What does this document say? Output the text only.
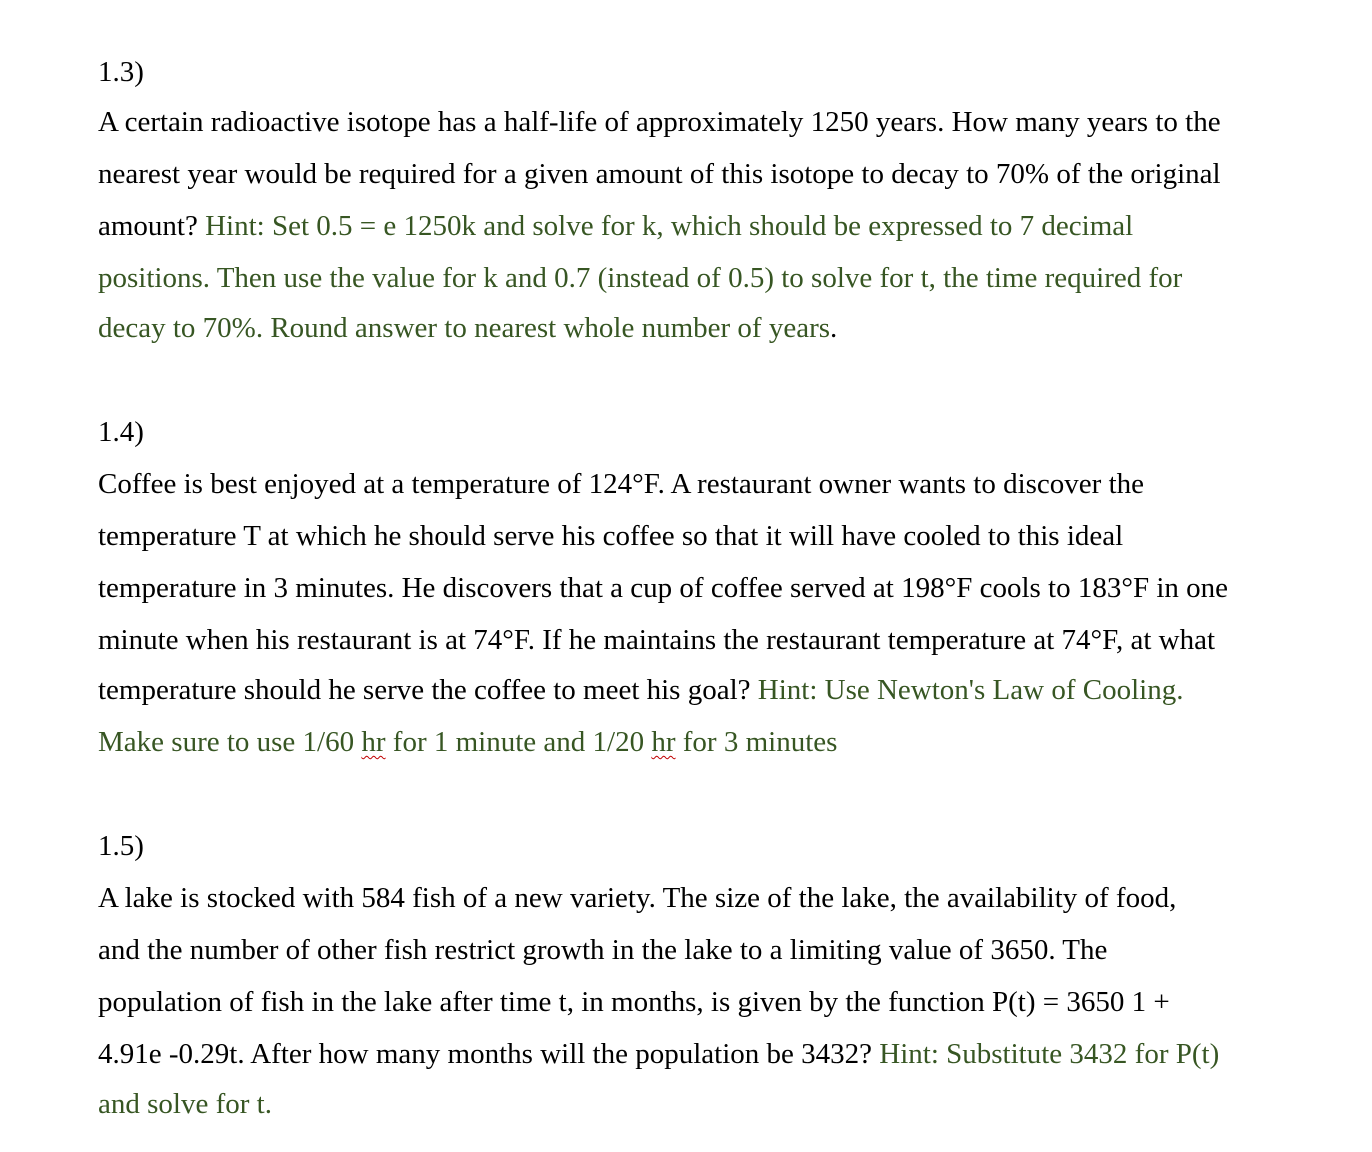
1.3)
A certain radioactive isotope has a half-life of approximately 1250 years. How many years to the
nearest year would be required for a given amount of this isotope to decay to 70% of the original
amount? Hint: Set 0.5 = e 1250k and solve for k, which should be expressed to 7 decimal
positions. Then use the value for k and 0.7 (instead of 0.5) to solve for t, the time required for
decay to 70%. Round answer to nearest whole number of years.
1.4)
Coffee is best enjoyed at a temperature of 124°F. A restaurant owner wants to discover the
temperature T at which he should serve his coffee so that it will have cooled to this ideal
temperature in 3 minutes. He discovers that a cup of coffee served at 198°F cools to 183°F in one
minute when his restaurant is at 74°F. If he maintains the restaurant temperature at 74°F, at what
temperature should he serve the coffee to meet his goal? Hint: Use Newton's Law of Cooling.
Make sure to use 1/60 hr for 1 minute and 1/20 hr for 3 minutes
1.5)
A lake is stocked with 584 fish of a new variety. The size of the lake, the availability of food,
and the number of other fish restrict growth in the lake to a limiting value of 3650. The
population of fish in the lake after time t, in months, is given by the function P(t) = 3650 1 +
4.91e -0.29t. After how many months will the population be 3432? Hint: Substitute 3432 for P(t)
and solve for t.
